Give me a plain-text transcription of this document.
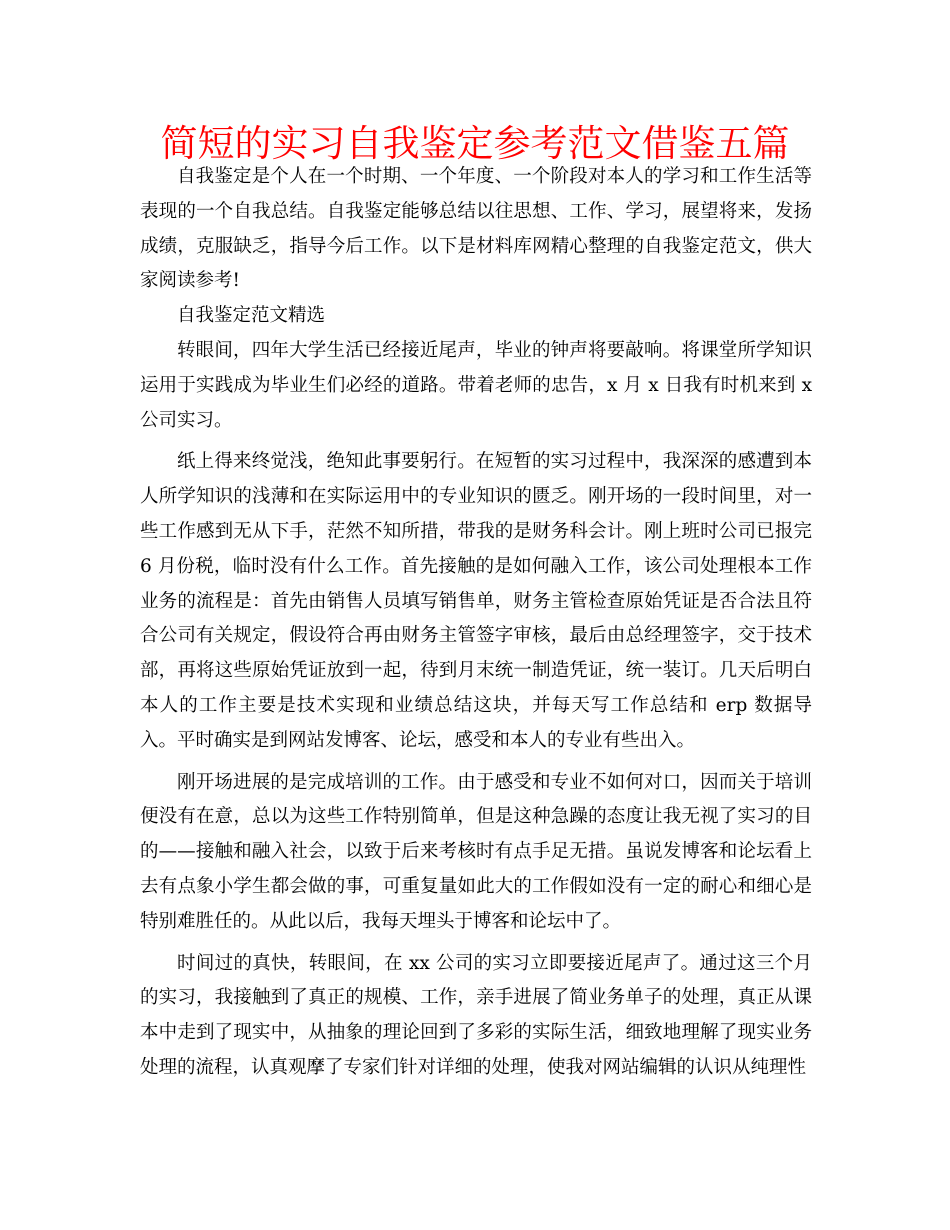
简短的实习自我鉴定参考范文借鉴五篇

自我鉴定是个人在一个时期、一个年度、一个阶段对本人的学习和工作生活等表现的一个自我总结。自我鉴定能够总结以往思想、工作、学习，展望将来，发扬成绩，克服缺乏，指导今后工作。以下是材料库网精心整理的自我鉴定范文，供大家阅读参考!

自我鉴定范文精选

转眼间，四年大学生活已经接近尾声，毕业的钟声将要敲响。将课堂所学知识运用于实践成为毕业生们必经的道路。带着老师的忠告，x 月 x 日我有时机来到 x 公司实习。

纸上得来终觉浅，绝知此事要躬行。在短暂的实习过程中，我深深的感遭到本人所学知识的浅薄和在实际运用中的专业知识的匮乏。刚开场的一段时间里，对一些工作感到无从下手，茫然不知所措，带我的是财务科会计。刚上班时公司已报完 6 月份税，临时没有什么工作。首先接触的是如何融入工作，该公司处理根本工作业务的流程是：首先由销售人员填写销售单，财务主管检查原始凭证是否合法且符合公司有关规定，假设符合再由财务主管签字审核，最后由总经理签字，交于技术部，再将这些原始凭证放到一起，待到月末统一制造凭证，统一装订。几天后明白本人的工作主要是技术实现和业绩总结这块，并每天写工作总结和 erp 数据导入。平时确实是到网站发博客、论坛，感受和本人的专业有些出入。

刚开场进展的是完成培训的工作。由于感受和专业不如何对口，因而关于培训便没有在意，总以为这些工作特别简单，但是这种急躁的态度让我无视了实习的目的——接触和融入社会，以致于后来考核时有点手足无措。虽说发博客和论坛看上去有点象小学生都会做的事，可重复量如此大的工作假如没有一定的耐心和细心是特别难胜任的。从此以后，我每天埋头于博客和论坛中了。

时间过的真快，转眼间，在 xx 公司的实习立即要接近尾声了。通过这三个月的实习，我接触到了真正的规模、工作，亲手进展了简业务单子的处理，真正从课本中走到了现实中，从抽象的理论回到了多彩的实际生活，细致地理解了现实业务处理的流程，认真观摩了专家们针对详细的处理，使我对网站编辑的认识从纯理性
